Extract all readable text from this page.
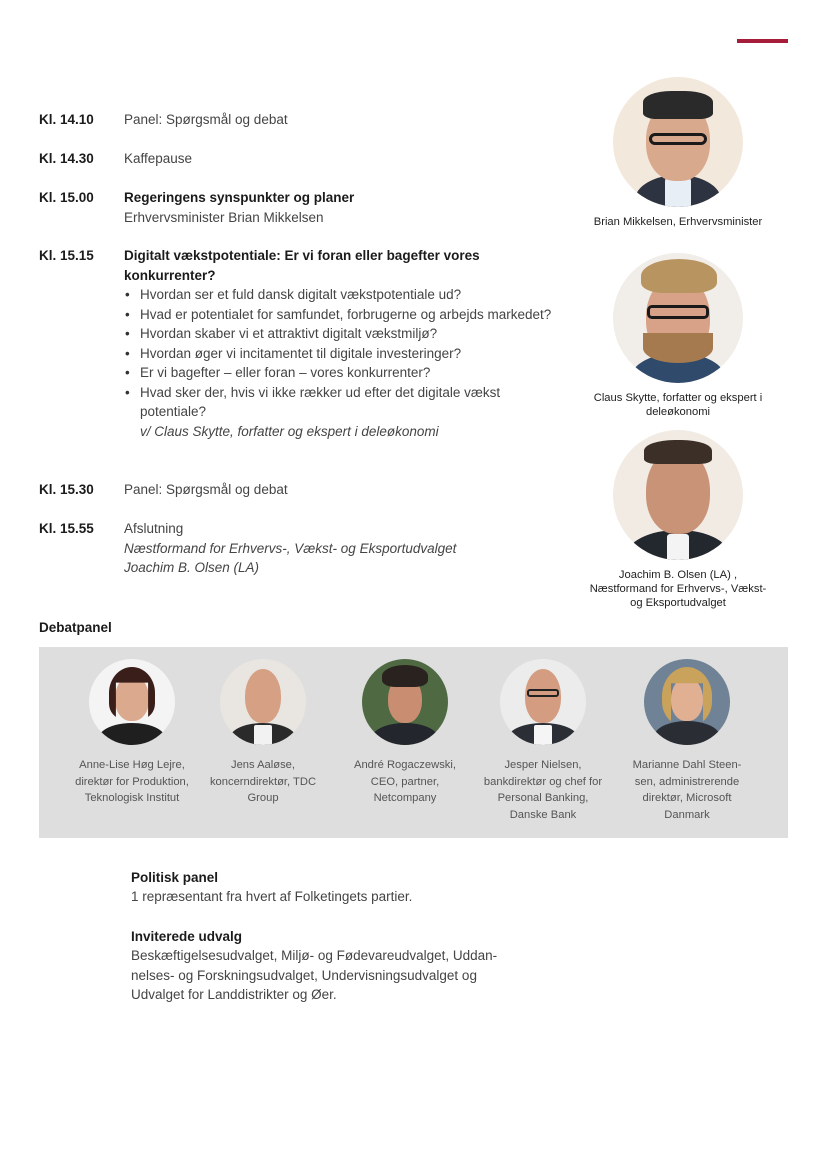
Kl. 14.10 Panel: Spørgsmål og debat
Kl. 14.30 Kaffepause
Kl. 15.00 Regeringens synspunkter og planer
Erhvervsminister Brian Mikkelsen
Kl. 15.15 Digitalt vækstpotentiale: Er vi foran eller bagefter vores konkurrenter?
• Hvordan ser et fuld dansk digitalt vækstpotentiale ud?
• Hvad er potentialet for samfundet, forbrugerne og arbejds markedet?
• Hvordan skaber vi et attraktivt digitalt vækstmiljø?
• Hvordan øger vi incitamentet til digitale investeringer?
• Er vi bagefter – eller foran – vores konkurrenter?
• Hvad sker der, hvis vi ikke rækker ud efter det digitale vækst potentiale?
v/ Claus Skytte, forfatter og ekspert i deleøkonomi
Kl. 15.30 Panel: Spørgsmål og debat
Kl. 15.55 Afslutning
Næstformand for Erhvervs-, Vækst- og Eksportudvalget
Joachim B. Olsen (LA)
Brian Mikkelsen, Erhvervsminister
Claus Skytte, forfatter og ekspert i deleøkonomi
Joachim B. Olsen (LA) , Næstformand for Erhvervs-, Vækst- og Eksportudvalget
Debatpanel
Anne-Lise Høg Lejre, direktør for Produktion, Teknologisk Institut
Jens Aaløse, koncerndirektør, TDC Group
André Rogaczewski, CEO, partner, Netcompany
Jesper Nielsen, bankdirektør og chef for Personal Banking, Danske Bank
Marianne Dahl Steen- sen, administrerende direktør, Microsoft Danmark
Politisk panel
1 repræsentant fra hvert af Folketingets partier.
Inviterede udvalg
Beskæftigelsesudvalget, Miljø- og Fødevareudvalget, Uddan- nelses- og Forskningsudvalget, Undervisningsudvalget og Udvalget for Landdistrikter og Øer.
